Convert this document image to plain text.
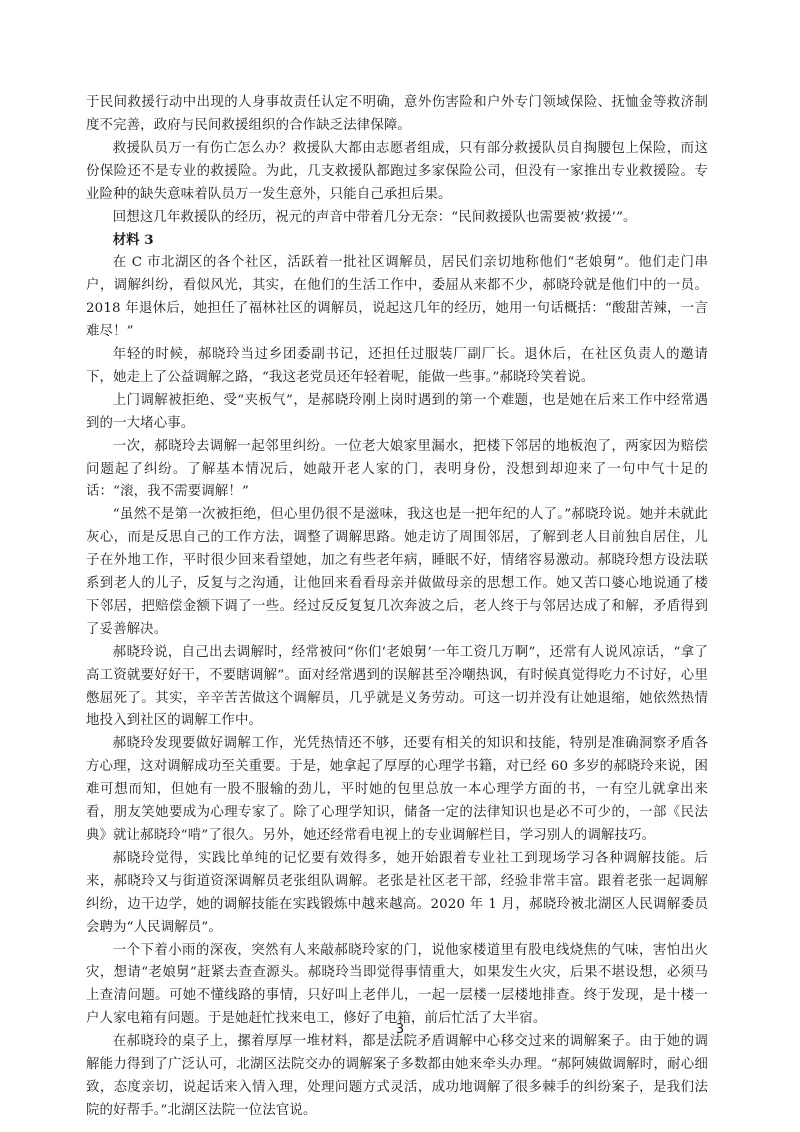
于民间救援行动中出现的人身事故责任认定不明确，意外伤害险和户外专门领域保险、抚恤金等救济制度不完善，政府与民间救援组织的合作缺乏法律保障。

救援队员万一有伤亡怎么办？救援队大都由志愿者组成，只有部分救援队员自掏腰包上保险，而这份保险还不是专业的救援险。为此，几支救援队都跑过多家保险公司，但没有一家推出专业救援险。专业险种的缺失意味着队员万一发生意外，只能自己承担后果。

回想这几年救援队的经历，祝元的声音中带着几分无奈：“民间救援队也需要被‘救援’”。

材料 3

在 C 市北湖区的各个社区，活跃着一批社区调解员，居民们亲切地称他们“老娘舅”。他们走门串户，调解纠纷，看似风光，其实，在他们的生活工作中，委屈从来都不少，郝晓玲就是他们中的一员。2018 年退休后，她担任了福林社区的调解员，说起这几年的经历，她用一句话概括：“酸甜苦辣，一言难尽！”

年轻的时候，郝晓玲当过乡团委副书记，还担任过服装厂副厂长。退休后，在社区负责人的邀请下，她走上了公益调解之路，“我这老党员还年轻着呢，能做一些事。”郝晓玲笑着说。

上门调解被拒绝、受“夹板气”，是郝晓玲刚上岗时遇到的第一个难题，也是她在后来工作中经常遇到的一大堵心事。

一次，郝晓玲去调解一起邻里纠纷。一位老大娘家里漏水，把楼下邻居的地板泡了，两家因为赔偿问题起了纠纷。了解基本情况后，她敲开老人家的门，表明身份，没想到却迎来了一句中气十足的话：“滚，我不需要调解！”

“虽然不是第一次被拒绝，但心里仍很不是滋味，我这也是一把年纪的人了。”郝晓玲说。她并未就此灰心，而是反思自己的工作方法，调整了调解思路。她走访了周围邻居，了解到老人目前独自居住，儿子在外地工作，平时很少回来看望她，加之有些老年病，睡眠不好，情绪容易激动。郝晓玲想方设法联系到老人的儿子，反复与之沟通，让他回来看看母亲并做做母亲的思想工作。她又苦口婆心地说通了楼下邻居，把赔偿金额下调了一些。经过反反复复几次奔波之后，老人终于与邻居达成了和解，矛盾得到了妥善解决。

郝晓玲说，自己出去调解时，经常被问“你们‘老娘舅’一年工资几万啊”，还常有人说风凉话，“拿了高工资就要好好干，不要瞎调解”。面对经常遇到的误解甚至冷嘲热讽，有时候真觉得吃力不讨好，心里憋屈死了。其实，辛辛苦苦做这个调解员，几乎就是义务劳动。可这一切并没有让她退缩，她依然热情地投入到社区的调解工作中。

郝晓玲发现要做好调解工作，光凭热情还不够，还要有相关的知识和技能，特别是准确洞察矛盾各方心理，这对调解成功至关重要。于是，她拿起了厚厚的心理学书籍，对已经 60 多岁的郝晓玲来说，困难可想而知，但她有一股不服输的劲儿，平时她的包里总放一本心理学方面的书，一有空儿就拿出来看，朋友笑她要成为心理专家了。除了心理学知识，储备一定的法律知识也是必不可少的，一部《民法典》就让郝晓玲“啃”了很久。另外，她还经常看电视上的专业调解栏目，学习别人的调解技巧。

郝晓玲觉得，实践比单纯的记忆要有效得多，她开始跟着专业社工到现场学习各种调解技能。后来，郝晓玲又与街道资深调解员老张组队调解。老张是社区老干部，经验非常丰富。跟着老张一起调解纠纷，边干边学，她的调解技能在实践锻炼中越来越高。2020 年 1 月，郝晓玲被北湖区人民调解委员会聘为“人民调解员”。

一个下着小雨的深夜，突然有人来敲郝晓玲家的门，说他家楼道里有股电线烧焦的气味，害怕出火灾，想请“老娘舅”赶紧去查查源头。郝晓玲当即觉得事情重大，如果发生火灾，后果不堪设想，必须马上查清问题。可她不懂线路的事情，只好叫上老伴儿，一起一层楼一层楼地排查。终于发现，是十楼一户人家电箱有问题。于是她赶忙找来电工，修好了电箱，前后忙活了大半宿。

在郝晓玲的桌子上，摞着厚厚一堆材料，都是法院矛盾调解中心移交过来的调解案子。由于她的调解能力得到了广泛认可，北湖区法院交办的调解案子多数都由她来牵头办理。“郝阿姨做调解时，耐心细致，态度亲切，说起话来入情入理，处理问题方式灵活，成功地调解了很多棘手的纠纷案子，是我们法院的好帮手。”北湖区法院一位法官说。

3
